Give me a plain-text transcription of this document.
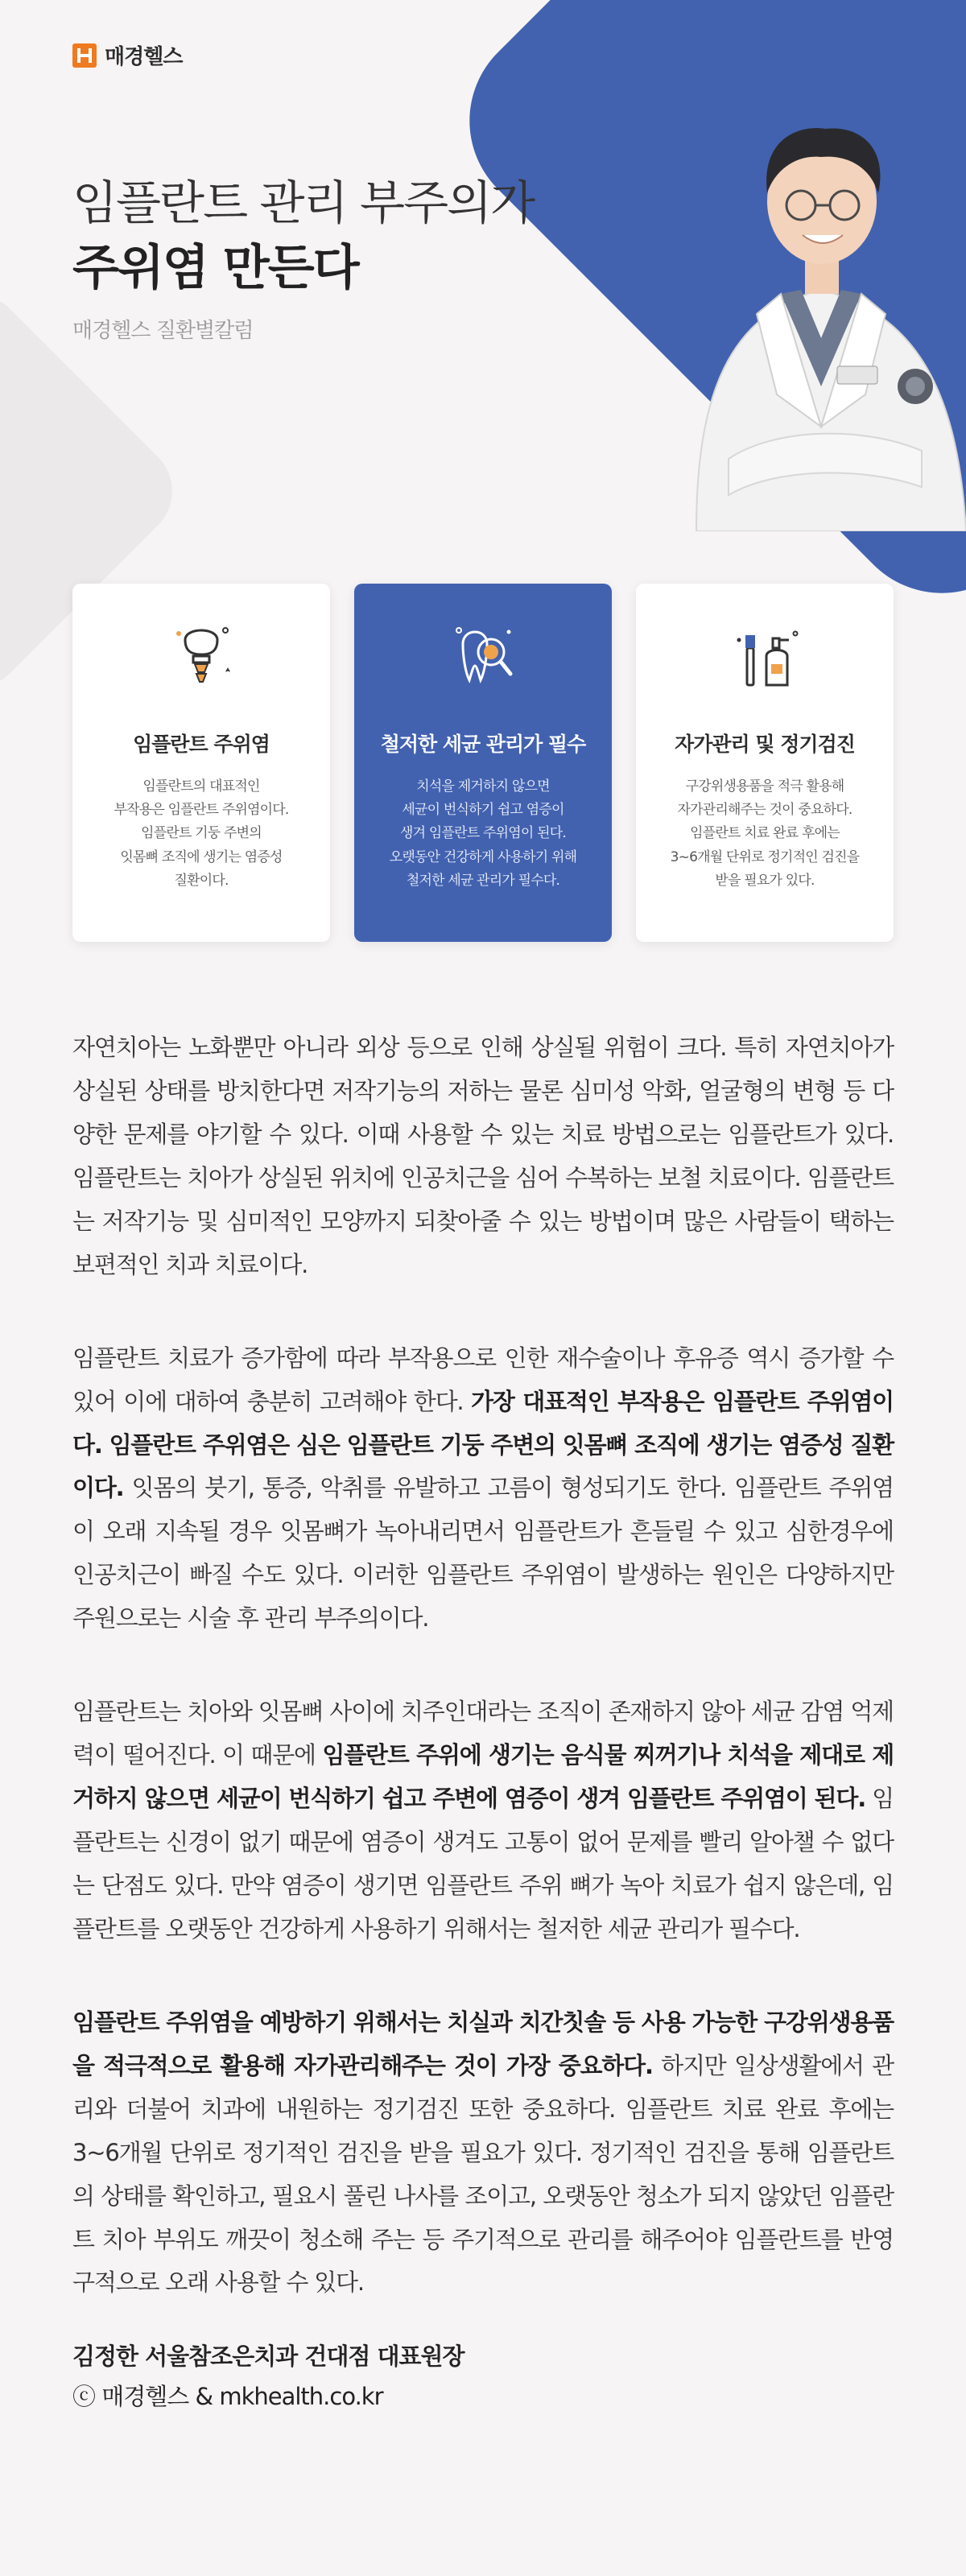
매경헬스
임플란트 관리 부주의가
주위염 만든다
매경헬스 질환별칼럼
임플란트 주위염
임플란트의 대표적인
부작용은 임플란트 주위염이다.
임플란트 기둥 주변의
잇몸뼈 조직에 생기는 염증성
질환이다.
철저한 세균 관리가 필수
치석을 제거하지 않으면
세균이 번식하기 쉽고 염증이
생겨 임플란트 주위염이 된다.
오랫동안 건강하게 사용하기 위해
철저한 세균 관리가 필수다.
자가관리 및 정기검진
구강위생용품을 적극 활용해
자가관리해주는 것이 중요하다.
임플란트 치료 완료 후에는
3~6개월 단위로 정기적인 검진을
받을 필요가 있다.

자연치아는 노화뿐만 아니라 외상 등으로 인해 상실될 위험이 크다. 특히 자연치아가 상실된 상태를 방치한다면 저작기능의 저하는 물론 심미성 악화, 얼굴형의 변형 등 다양한 문제를 야기할 수 있다. 이때 사용할 수 있는 치료 방법으로는 임플란트가 있다. 임플란트는 치아가 상실된 위치에 인공치근을 심어 수복하는 보철 치료이다. 임플란트는 저작기능 및 심미적인 모양까지 되찾아줄 수 있는 방법이며 많은 사람들이 택하는 보편적인 치과 치료이다.

임플란트 치료가 증가함에 따라 부작용으로 인한 재수술이나 후유증 역시 증가할 수 있어 이에 대하여 충분히 고려해야 한다. 가장 대표적인 부작용은 임플란트 주위염이다. 임플란트 주위염은 심은 임플란트 기둥 주변의 잇몸뼈 조직에 생기는 염증성 질환이다. 잇몸의 붓기, 통증, 악취를 유발하고 고름이 형성되기도 한다. 임플란트 주위염이 오래 지속될 경우 잇몸뼈가 녹아내리면서 임플란트가 흔들릴 수 있고 심한경우에 인공치근이 빠질 수도 있다. 이러한 임플란트 주위염이 발생하는 원인은 다양하지만 주원으로는 시술 후 관리 부주의이다.

임플란트는 치아와 잇몸뼈 사이에 치주인대라는 조직이 존재하지 않아 세균 감염 억제력이 떨어진다. 이 때문에 임플란트 주위에 생기는 음식물 찌꺼기나 치석을 제대로 제거하지 않으면 세균이 번식하기 쉽고 주변에 염증이 생겨 임플란트 주위염이 된다. 임플란트는 신경이 없기 때문에 염증이 생겨도 고통이 없어 문제를 빨리 알아챌 수 없다는 단점도 있다. 만약 염증이 생기면 임플란트 주위 뼈가 녹아 치료가 쉽지 않은데, 임플란트를 오랫동안 건강하게 사용하기 위해서는 철저한 세균 관리가 필수다.

임플란트 주위염을 예방하기 위해서는 치실과 치간칫솔 등 사용 가능한 구강위생용품을 적극적으로 활용해 자가관리해주는 것이 가장 중요하다. 하지만 일상생활에서 관리와 더불어 치과에 내원하는 정기검진 또한 중요하다. 임플란트 치료 완료 후에는 3~6개월 단위로 정기적인 검진을 받을 필요가 있다. 정기적인 검진을 통해 임플란트의 상태를 확인하고, 필요시 풀린 나사를 조이고, 오랫동안 청소가 되지 않았던 임플란트 치아 부위도 깨끗이 청소해 주는 등 주기적으로 관리를 해주어야 임플란트를 반영구적으로 오래 사용할 수 있다.

김정한 서울참조은치과 건대점 대표원장
ⓒ 매경헬스 & mkhealth.co.kr
